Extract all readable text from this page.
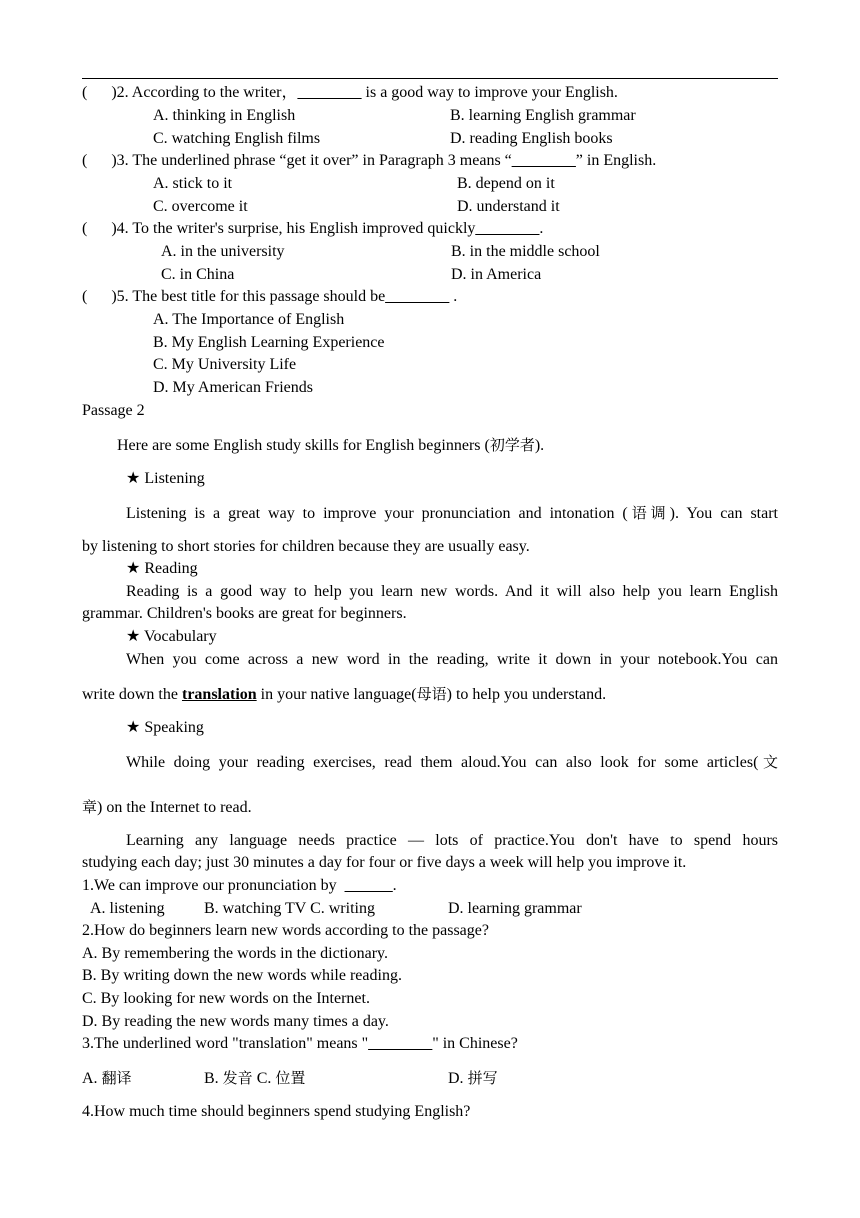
(      )2. According to the writer，________ is a good way to improve your English.
A. thinking in English	B. learning English grammar
C. watching English films	D. reading English books
(      )3. The underlined phrase “get it over” in Paragraph 3 means “________” in English.
A. stick to it	B. depend on it
C. overcome it	D. understand it
(      )4. To the writer's surprise, his English improved quickly________.
A. in the university	B. in the middle school
C. in China	D. in America
(      )5. The best title for this passage should be________ .
A. The Importance of English
B. My English Learning Experience
C. My University Life
D. My American Friends
Passage 2
Here are some English study skills for English beginners (初学者).
★ Listening
Listening is a great way to improve your pronunciation and intonation (语调). You can start
by listening to short stories for children because they are usually easy.
★ Reading
Reading is a good way to help you learn new words. And it will also help you learn English
grammar. Children's books are great for beginners.
★ Vocabulary
When you come across a new word in the reading, write it down in your notebook.You can
write down the translation in your native language(母语) to help you understand.
★ Speaking
While doing your reading exercises, read them aloud.You can also look for some articles(文
章) on the Internet to read.
Learning any language needs practice — lots of practice.You don't have to spend hours
studying each day; just 30 minutes a day for four or five days a week will help you improve it.
1.We can improve our pronunciation by  ______.
A. listening B. watching TV C. writing	D. learning grammar
2.How do beginners learn new words according to the passage?
A. By remembering the words in the dictionary.
B. By writing down the new words while reading.
C. By looking for new words on the Internet.
D. By reading the new words many times a day.
3.The underlined word "translation" means "________" in Chinese?
A. 翻译	B. 发音 C. 位置	D. 拼写
4.How much time should beginners spend studying English?
